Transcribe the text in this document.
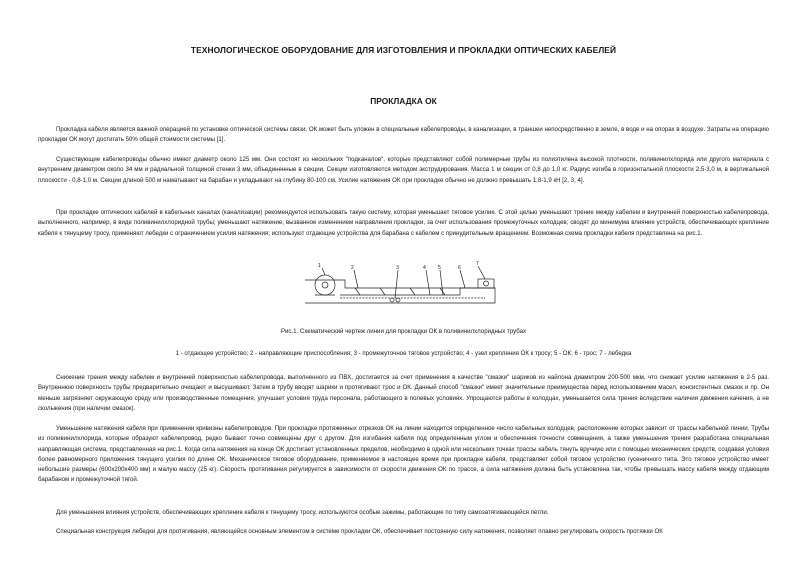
ТЕХНОЛОГИЧЕСКОЕ ОБОРУДОВАНИЕ ДЛЯ ИЗГОТОВЛЕНИЯ И ПРОКЛАДКИ ОПТИЧЕСКИХ КАБЕЛЕЙ
ПРОКЛАДКА ОК
Прокладка кабеля является важной операцией по установке оптической системы связи. ОК может быть уложен в специальные кабелепроводы, в канализации, в траншеи непосредственно в земле, в воде и на опорах в воздухе. Затраты на операцию прокладки ОК могут достигать 50% общей стоимости системы [1].
Существующие кабелепроводы обычно имеют диаметр около 125 мм. Они состоят из нескольких "подканалов", которые представляют собой полимерные трубы из полиэтилена высокой плотности, поливинилхлорида или другого материала с внутренним диаметром около 34 мм и радиальной толщиной стенки 3 мм, объединенные в секции. Секции изготовляются методом экструдирования. Масса 1 м секции от 0,8 до 1,0 кг. Радиус изгиба в горизонтальной плоскости 2,5-3,0 м, в вертикальной плоскости - 0,8-1,0 м. Секции длиной 500 м наматывают на барабан и укладывают на глубину 80-100 см. Усилие натяжения ОК при прокладке обычно не должно превышать 1,8-1,9 кН [2, 3, 4].
При прокладке оптических кабелей в кабельных каналах (канализации) рекомендуется использовать такую систему, которая уменьшает тяговое усилие. С этой целью уменьшают трение между кабелем и внутренней поверхностью кабелепровода, выполненного, например, в виде поливинилхлоридной трубы; уменьшают натяжение, вызванное изменением направления прокладки, за счет использования промежуточных колодцев; сводят до минимума влияние устройств, обеспечивающих крепление кабеля к тянущему тросу, применяют лебедки с ограничением усилия натяжения; используют отдающие устройства для барабана с кабелем с принудительным вращением. Возможная схема прокладки кабеля представлена на рис.1.
1	2	3	4 5	6
7
Рис.1. Схематический чертеж линии для прокладки ОК в поливинилхлоридных трубах
1 - отдающее устройство; 2 - направляющие приспособления; 3 - промежуточное тяговое устройство; 4 - узел крепления ОК к тросу; 5 - ОК; 6 - трос; 7 - лебедка
Снижение трения между кабелем и внутренней поверхностью кабелепровода, выполненного из ПВХ, достигается за счет применения в качестве "смазки" шариков из найлона диаметром 200-500 мкм, что снижает усилие натяжения в 2-5 раз. Внутреннюю поверхность трубы предварительно очищают и высушивают. Затем в трубу вводят шарики и протягивают трос и ОК. Данный способ "смазки" имеет значительные преимущества перед использованием масел, консистентных смазок и пр. Он меньше загрязняет окружающую среду или производственные помещения, улучшает условия труда персонала, работающего в полевых условиях. Упрощаются работы в колодцах, уменьшается сила трения вследствие наличия движения качения, а не скольжения (при наличии смазок).
Уменьшение натяжения кабеля при применении кривизны кабелепроводов. При прокладке протяженных отрезков ОК на линии находится определенное число кабельных колодцев, расположение которых зависит от трассы кабельной линии. Трубы из поливинилхлорида, которые образуют кабелепровод, редко бывают точно совмещены друг с другом. Для изгибания кабеля под определенным углом и обеспечения точности совмещения, а также уменьшения трения разработана специальная направляющая система, представленная на рис.1. Когда сила натяжения на конце ОК достигает установленных пределов, необходимо в одной или нескольких точках трассы кабель тянуть вручную или с помощью механических средств, создавая условия более равномерного приложения тянущего усилия по длине ОК. Механическое тяговое оборудование, применяемое в настоящее время при прокладке кабеля, представляет собой тяговое устройство гусеничного типа. Это тяговое устройство имеет небольшие размеры (600х200х400 мм) и малую массу (25 кг). Скорость протягивания регулируется в зависимости от скорости движения ОК по трассе, а сила натяжения должна быть установлена так, чтобы превышать массу кабеля между отдающим барабаном и промежуточной тягой.
Для уменьшения влияния устройств, обеспечивающих крепление кабеля к тянущему тросу, используются особые зажимы, работающие по типу самозатягивающейся петли.
Специальная конструкция лебедки для протягивания, являющейся основным элементом в системе прокладки ОК, обеспечивает постоянную силу натяжения, позволяет плавно регулировать скорость протяжки ОК
